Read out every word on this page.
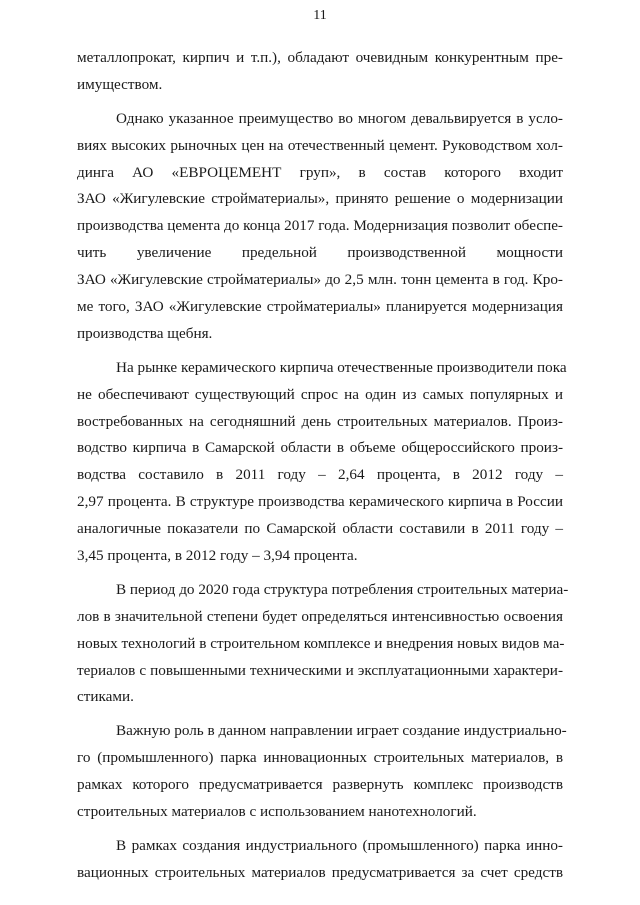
11
металлопрокат, кирпич и т.п.), обладают очевидным конкурентным пре-
имуществом.
Однако указанное преимущество во многом девальвируется в усло-
виях высоких рыночных цен на отечественный цемент. Руководством хол-
динга АО «ЕВРОЦЕМЕНТ груп», в состав которого входит
ЗАО «Жигулевские стройматериалы», принято решение о модернизации
производства цемента до конца 2017 года. Модернизация позволит обеспе-
чить увеличение предельной производственной мощности
ЗАО «Жигулевские стройматериалы» до 2,5 млн. тонн цемента в год. Кро-
ме того, ЗАО «Жигулевские стройматериалы» планируется модернизация
производства щебня.
На рынке керамического кирпича отечественные производители пока
не обеспечивают существующий спрос на один из самых популярных и
востребованных на сегодняшний день строительных материалов. Произ-
водство кирпича в Самарской области в объеме общероссийского произ-
водства составило в 2011 году – 2,64 процента, в 2012 году –
2,97 процента. В структуре производства керамического кирпича в России
аналогичные показатели по Самарской области составили в 2011 году –
3,45 процента, в 2012 году – 3,94 процента.
В период до 2020 года структура потребления строительных материа-
лов в значительной степени будет определяться интенсивностью освоения
новых технологий в строительном комплексе и внедрения новых видов ма-
териалов с повышенными техническими и эксплуатационными характери-
стиками.
Важную роль в данном направлении играет создание индустриально-
го (промышленного) парка инновационных строительных материалов, в
рамках которого предусматривается развернуть комплекс производств
строительных материалов с использованием нанотехнологий.
В рамках создания индустриального (промышленного) парка инно-
вационных строительных материалов предусматривается за счет средств
